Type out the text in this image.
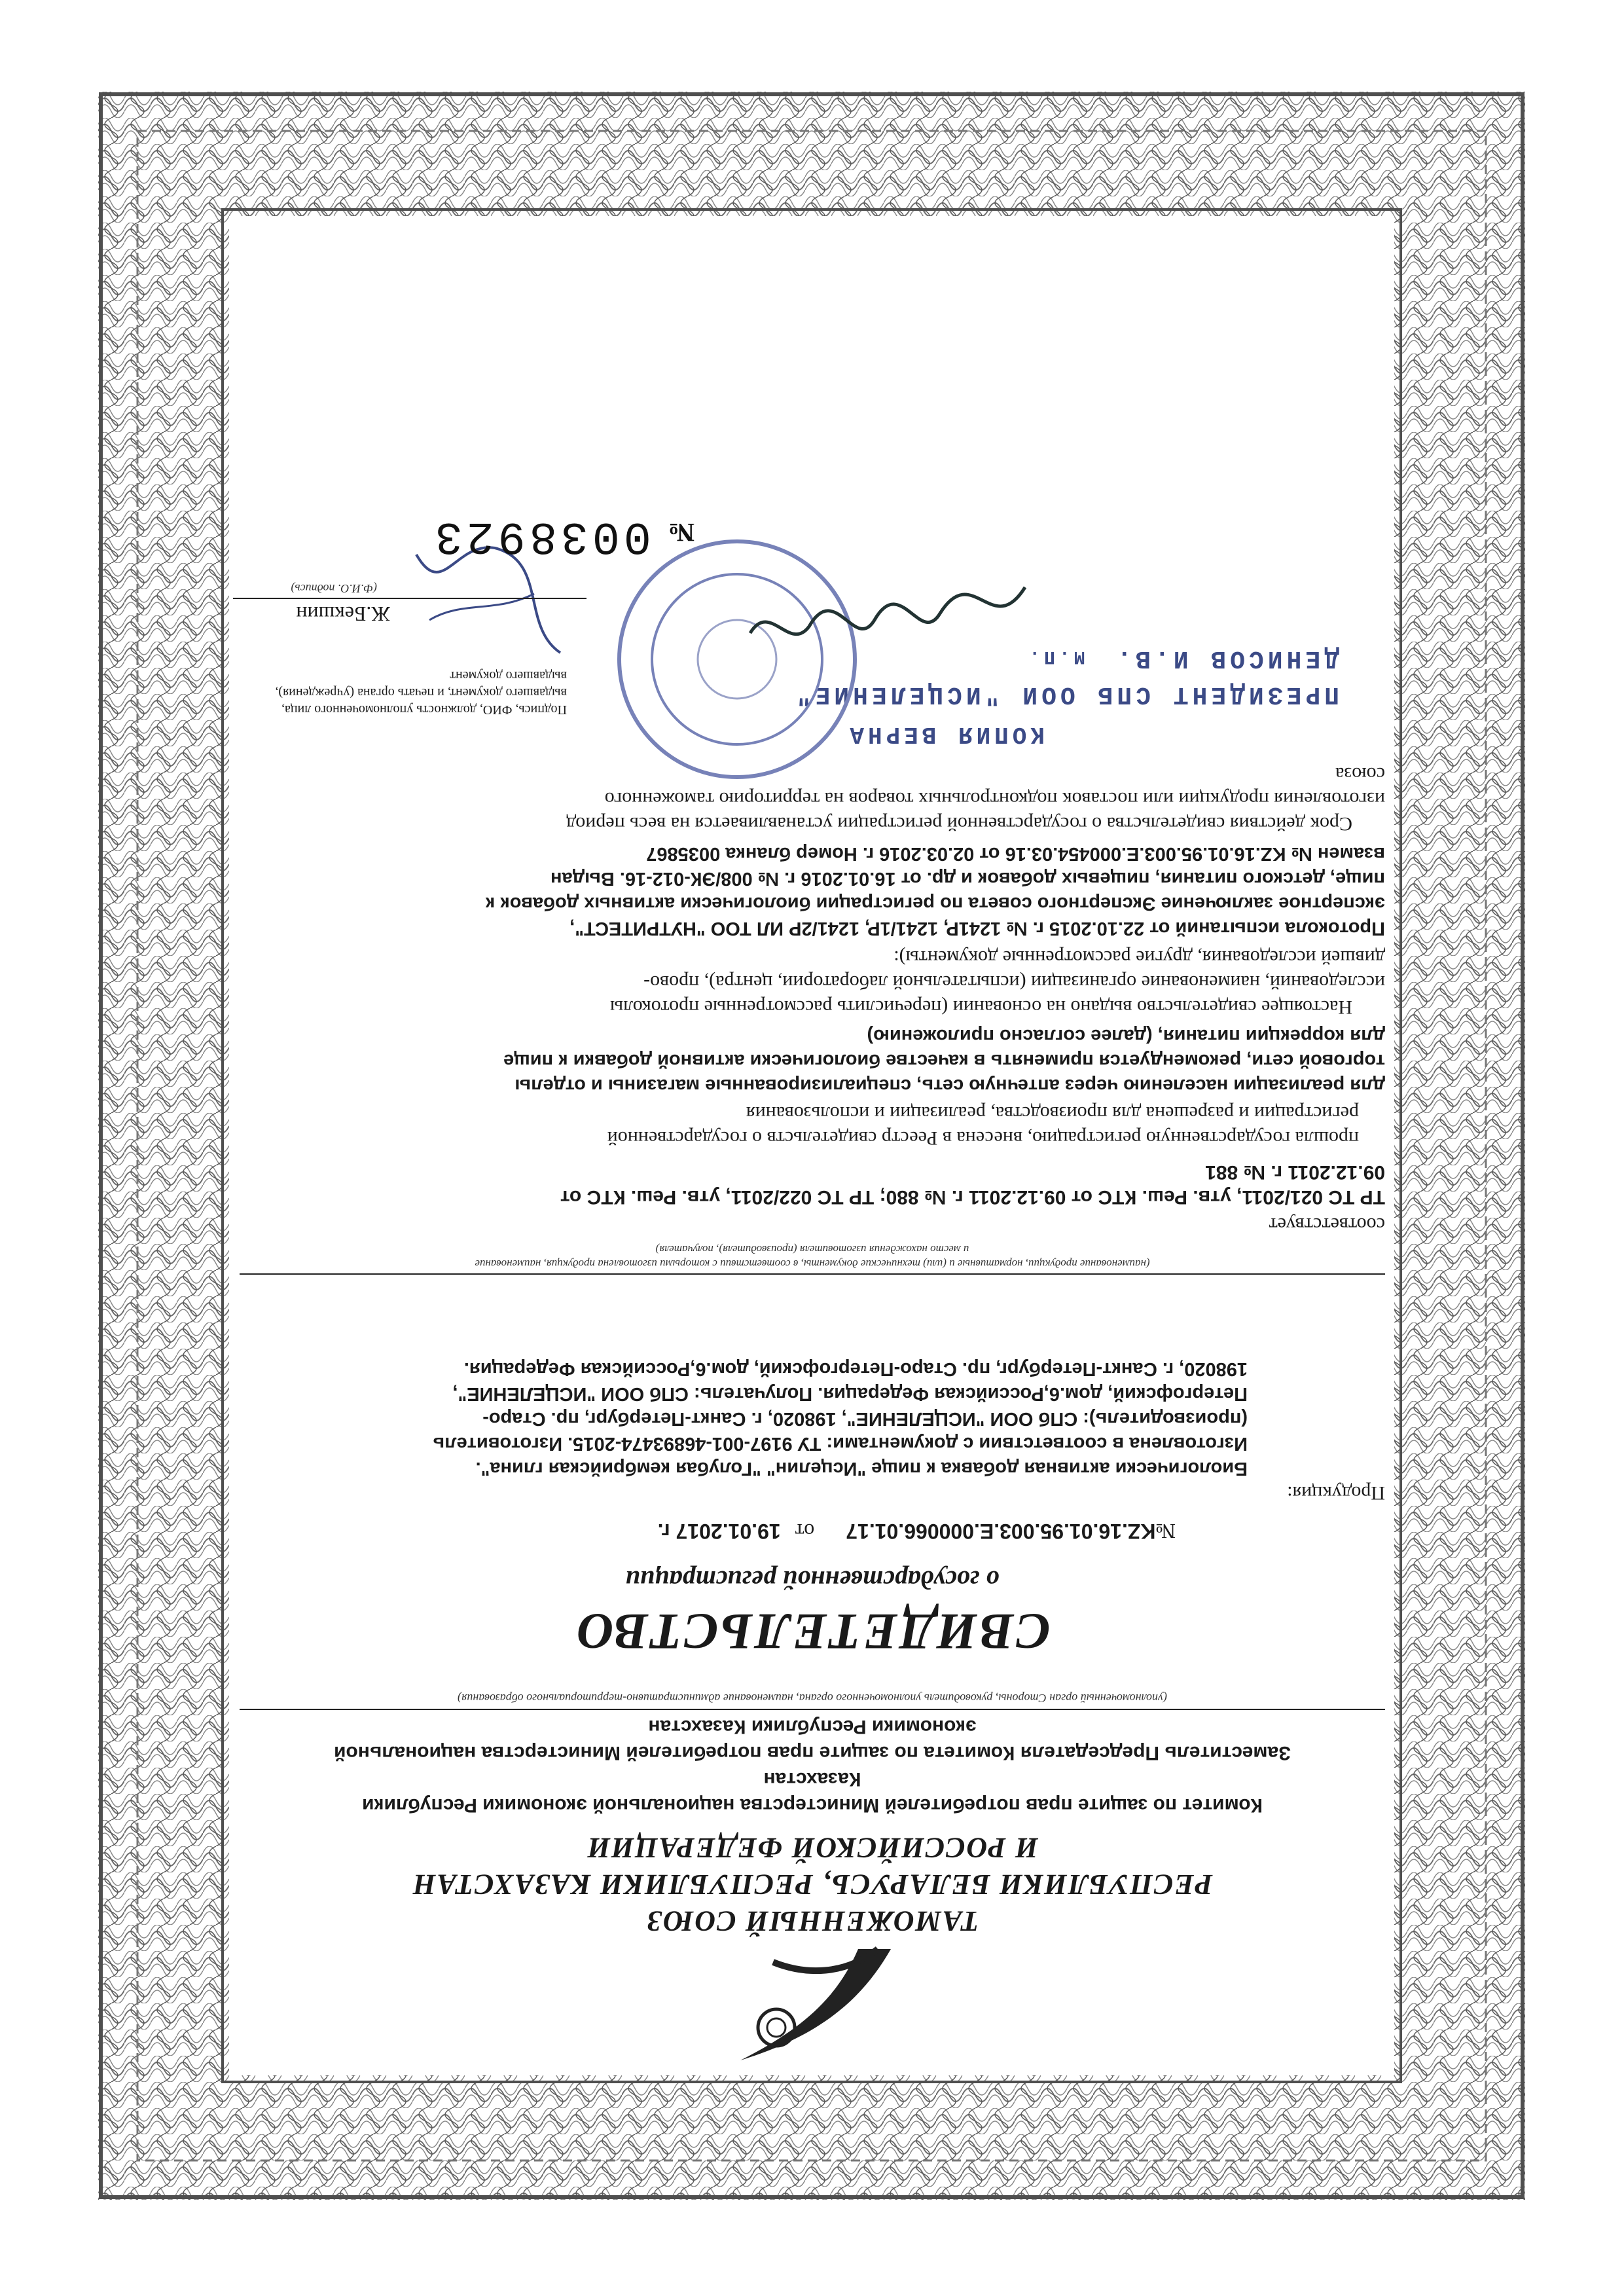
ТАМОЖЕННЫЙ СОЮЗ
РЕСПУБЛИКИ БЕЛАРУСЬ, РЕСПУБЛИКИ КАЗАХСТАН
И РОССИЙСКОЙ ФЕДЕРАЦИИ
Комитет по защите прав потребителей Министерства национальной экономики Республики
Казахстан
Заместитель Председателя Комитета по защите прав потребителей Министерства национальной
экономики Республики Казахстан
(уполномоченный орган Стороны, руководитель уполномоченного органа, наименование административно-территориального образования)
СВИДЕТЕЛЬСТВО
о государственной регистрации
№KZ.16.01.95.003.E.000066.01.17 от 19.01.2017 г.
Продукция:
Биологически активная добавка к пище "Исцелин" "Голубая кембрийская глина".
Изготовлена в соответствии с документами: ТУ 9197-001-46893474-2015. Изготовитель
(производитель): СПб ООИ "ИСЦЕЛЕНИЕ", 198020, г. Санкт-Петербург, пр. Старо-
Петергофский, дом.6,Российская Федерация. Получатель: СПб ООИ "ИСЦЕЛЕНИЕ",
198020, г. Санкт-Петербург, пр. Старо-Петергофский, дом.6,Российская Федерация.
(наименование продукции, нормативные и (или) технические документы, в соответствии с которыми изготовлена продукция, наименование
и место нахождения изготовителя (производителя), получателя)
соответствует
ТР ТС 021/2011, утв. Реш. КТС от 09.12.2011 г. № 880; ТР ТС 022/2011, утв. Реш. КТС от
09.12.2011 г. № 881
прошла государственную регистрацию, внесена в Реестр свидетельств о государственной
регистрации и разрешена для производства, реализации и использования
для реализации населению через аптечную сеть, специализированные магазины и отделы
торговой сети, рекомендуется применять в качестве биологически активной добавки к пище
для коррекции питания, (далее согласно приложению)
Настоящее свидетельство выдано на основании (перечислить рассмотренные протоколы
исследований, наименование организации (испытательной лаборатории, центра), прово-
дившей исследования, другие рассмотренные документы):
Протокола испытаний от 22.10.2015 г. № 1241Р, 1241/1Р, 1241/2Р ИЛ ТОО "НУТРИТЕСТ",
экспертное заключение Экспертного совета по регистрации биологически активных добавок к
пище, детского питания, пищевых добавок и др. от 16.01.2016 г. № 008/ЭК-012-16. Выдан
взамен № KZ.16.01.95.003.E.000454.03.16 от 02.03.2016 г. Номер бланка 0035867
Срок действия свидетельства о государственной регистрации устанавливается на весь период
изготовления продукции или поставок подконтрольных товаров на территорию таможенного
союза
КОПИЯ ВЕРНА
ПРЕЗИДЕНТ СПБ ООИ "ИСЦЕЛЕНИЕ"
ДЕНИСОВ И.В. М.П.
Подпись, ФИО, должность уполномоченного лица,
выдавшего документ, и печать органа (учреждения),
выдавшего документ
Ж.Бекшин
(Ф.И.О. подпись)
№0038923
